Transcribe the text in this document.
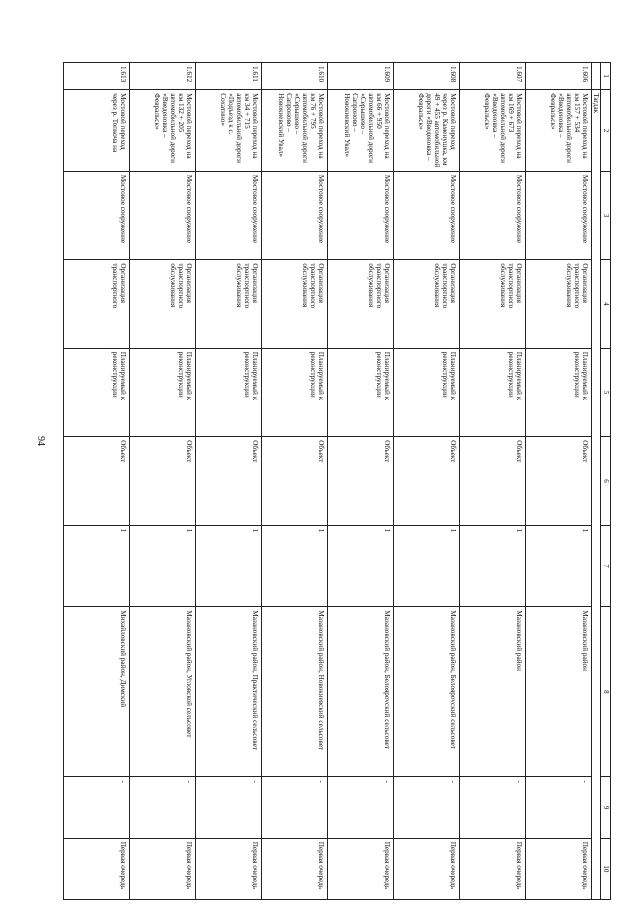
94
1	2	3	4	5	6	7	8	9	10
	Тагдак								
1.606	Мостовой переход на км 157 + 534 автомобильной дороги «Введеновка – Февральск»	Мостовое сооружение	Организация транспортного обслуживания	Планируемый к реконструкции	Объект	1	Мазановский район	-	Первая очередь
1.607	Мостовой переход на км 169 + 673 автомобильной дороги «Введеновка – Февральск»	Мостовое сооружение	Организация транспортного обслуживания	Планируемый к реконструкции	Объект	1	Мазановский район	-	Первая очередь
1.608	Мостовой переход через р. Каменушка, км 49 + 455 автомобильной дороги «Введеновка – Февральск»	Мостовое сооружение	Организация транспортного обслуживания	Планируемый к реконструкции	Объект	1	Мазановский район, Белоярovский сельсовет	-	Первая очередь
1.609	Мостовой переход на км 66 + 950 автомобильной дороги «Серышево – Сапроново – Новокиевский Увал»	Мостовое сооружение	Организация транспортного обслуживания	Планируемый к реконструкции	Объект	1	Мазановский район, Белоярovский сельсовет	-	Первая очередь
1.610	Мостовой переход на км 76 + 795 автомобильной дороги «Серышево – Сапроново – Новокиевский Увал»	Мостовое сооружение	Организация транспортного обслуживания	Планируемый к реконструкции	Объект	1	Мазановский район, Новокиевский сельсовет	-	Первая очередь
1.611	Мостовой переход на км 34 + 715 автомобильной дороги «Подъезд к с. Сохатино»	Мостовое сооружение	Организация транспортного обслуживания	Планируемый к реконструкции	Объект	1	Мазановский район, Практический сельсовет	-	Первая очередь
1.612	Мостовой переход на км 132 + 205 автомобильной дороги «Введеновка – Февральск»	Мостовое сооружение	Организация транспортного обслуживания	Планируемый к реконструкции	Объект	1	Мазановский район, Угловской сельсовет	-	Первая очередь
1.613	Мостовой переход через р. Топкоча на	Мостовое сооружение	Организация транспортного	Планируемый к реконструкции	Объект	1	Михайловский район, Димский	-	Первая очередь
